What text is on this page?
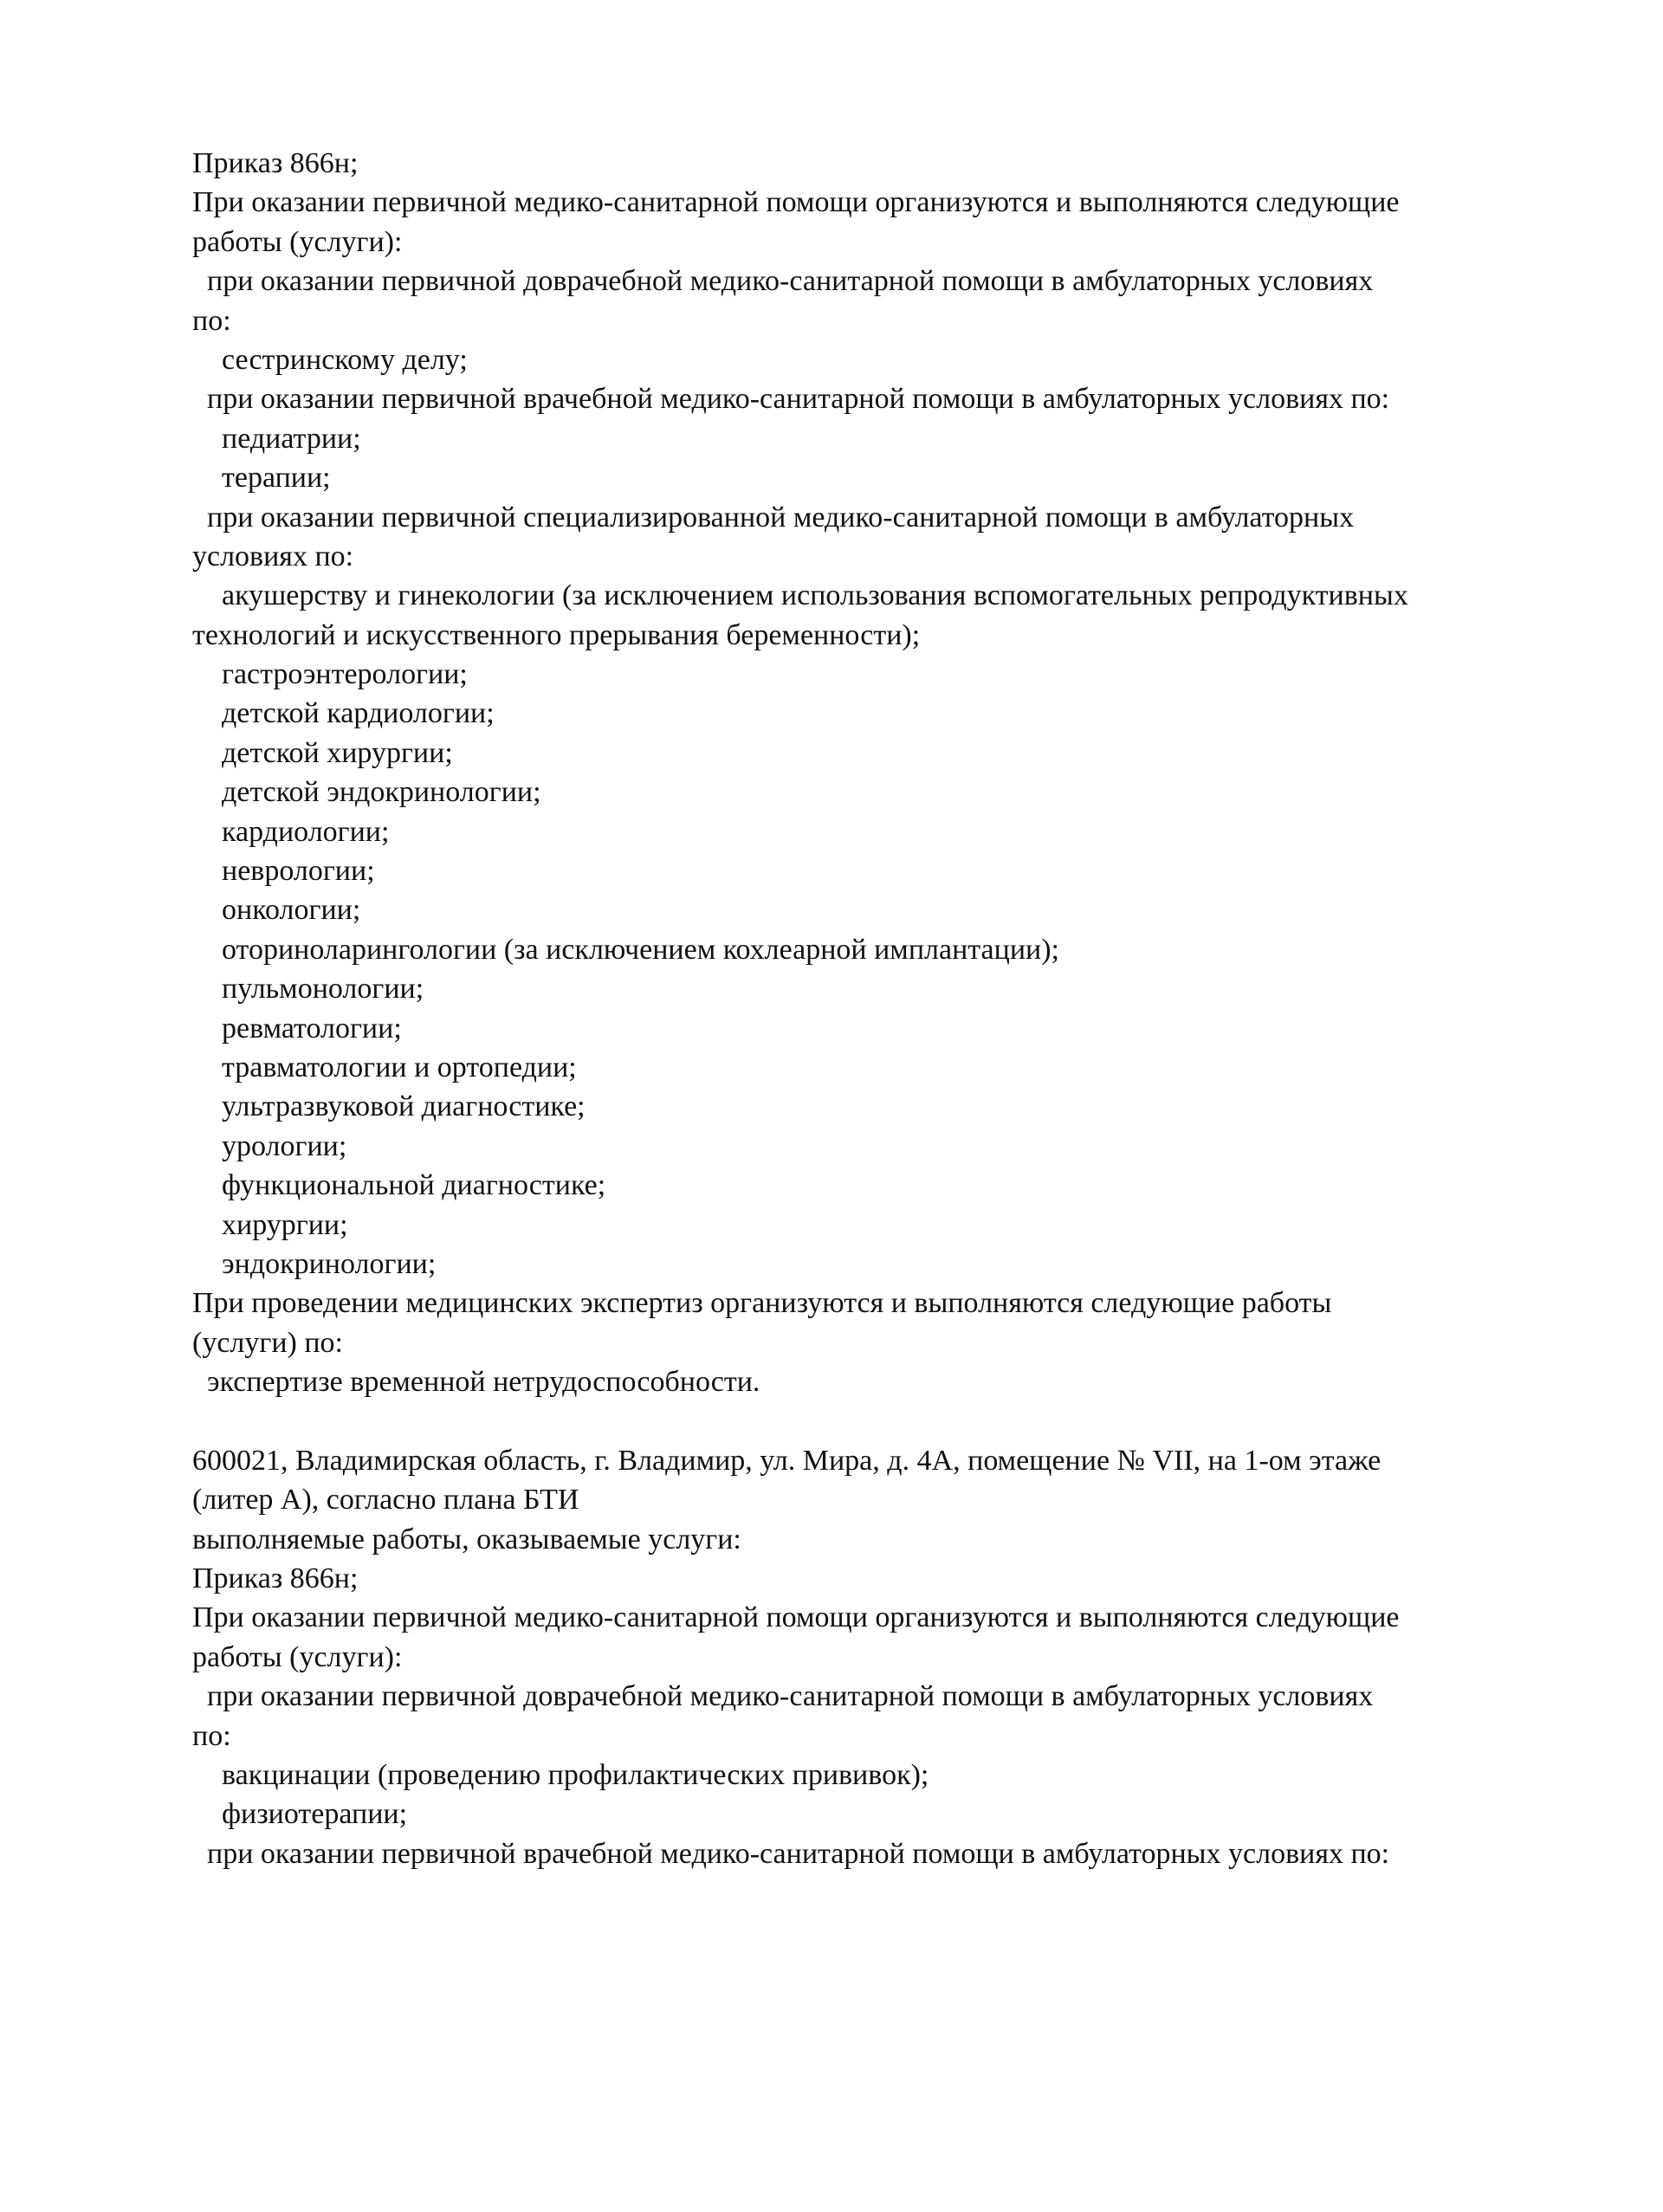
Приказ 866н;
При оказании первичной медико-санитарной помощи организуются и выполняются следующие
работы (услуги):
при оказании первичной доврачебной медико-санитарной помощи в амбулаторных условиях
по:
сестринскому делу;
при оказании первичной врачебной медико-санитарной помощи в амбулаторных условиях по:
педиатрии;
терапии;
при оказании первичной специализированной медико-санитарной помощи в амбулаторных
условиях по:
акушерству и гинекологии (за исключением использования вспомогательных репродуктивных
технологий и искусственного прерывания беременности);
гастроэнтерологии;
детской кардиологии;
детской хирургии;
детской эндокринологии;
кардиологии;
неврологии;
онкологии;
оториноларингологии (за исключением кохлеарной имплантации);
пульмонологии;
ревматологии;
травматологии и ортопедии;
ультразвуковой диагностике;
урологии;
функциональной диагностике;
хирургии;
эндокринологии;
При проведении медицинских экспертиз организуются и выполняются следующие работы
(услуги) по:
экспертизе временной нетрудоспособности.
600021, Владимирская область, г. Владимир, ул. Мира, д. 4А, помещение № VII, на 1-ом этаже
(литер А), согласно плана БТИ
выполняемые работы, оказываемые услуги:
Приказ 866н;
При оказании первичной медико-санитарной помощи организуются и выполняются следующие
работы (услуги):
при оказании первичной доврачебной медико-санитарной помощи в амбулаторных условиях
по:
вакцинации (проведению профилактических прививок);
физиотерапии;
при оказании первичной врачебной медико-санитарной помощи в амбулаторных условиях по:
